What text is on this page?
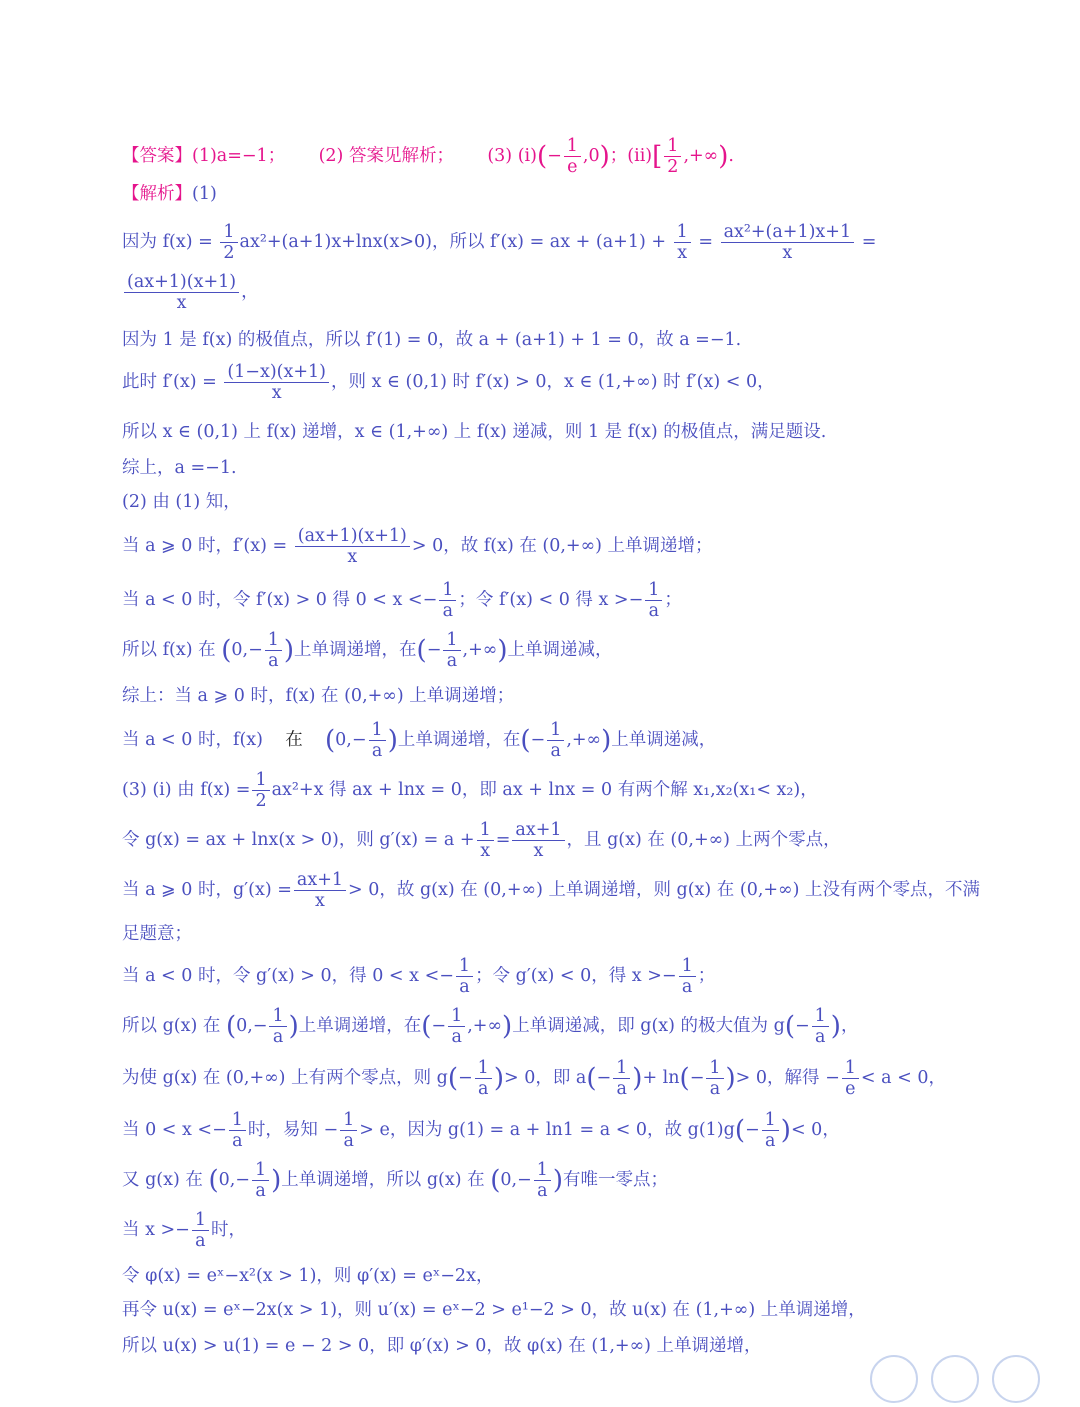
【答案】(1)a=−1； (2) 答案见解析； (3) $(i)(- \frac{1}{e} ,0)$；$(ii)[ \frac{1}{2}$ ,+∞).
【解析】(1)
因为 $f(x) = \frac{1}{2} ax^2+(a+1)x+\ln x(x>0)$，所以 f′(x) = ax + $(a+1) + \frac{1}{x} = \frac{\text{ax²+(a+1)x+1}}{x}$ =
$\frac{(ax+1)(x+1)}{x}$ ，
因为 1 是 f(x) 的极值点，所以 f′(1) = 0，故 a + (a+1) + 1 = 0，故 a =−1.
此时 $f'(x) = \frac{(1-x)(x+1)}{x}$ ，则 x ∈ (0,1) 时 f′(x) > 0，x ∈ (1,+∞) 时 f′(x) < 0，
所以 x ∈ (0,1) 上 f(x) 递增，x ∈ (1,+∞) 上 f(x) 递减，则 1 是 f(x) 的极值点，满足题设.
综上，a =−1.
(2) 由 (1) 知，
当 a ⩾ 0 时，$f'(x) = \frac{(ax+1)(x+1)}{x} > 0$，故 f(x) 在 (0,+∞) 上单调递增；
当 a < 0 时，令 f′(x) > 0 得 $0 < x <- \frac{1}{a}$ ；令 f′(x) < 0 得 $x >- \frac{1}{a}$ ；
所以 f(x) 在 ($0,- \frac{1}{a}$ )上单调递增，在(− $\frac{1}{a}$ ,+∞)上单调递减，
综上：当 a ⩾ 0 时，f(x) 在 (0,+∞) 上单调递增；
当 a < 0 时，f(x) 在 ($0,- \frac{1}{a}$ )上单调递增，在(− $\frac{1}{a}$ ,+∞)上单调递减，
(3) (i) 由 $f(x) = \frac{1}{2} ax^2+x$ 得 ax + lnx = 0，即 ax + lnx = 0 有两个解 x₁,x₂(x₁< x₂)，
令 g(x) = ax + lnx(x > 0)，则 $g'(x) = a + \frac{1}{x} = \frac{ax+1}{x}$ ，且 g(x) 在 (0,+∞) 上两个零点，
当 a ⩾ 0 时，$g'(x) = \frac{ax+1}{x} > 0$，故 g(x) 在 (0,+∞) 上单调递增，则 g(x) 在 (0,+∞) 上没有两个零点，不满
足题意；
当 a < 0 时，令 g′(x) > 0，得 $0 < x <- \frac{1}{a}$ ；令 g′(x) < 0，得 $x >- \frac{1}{a}$ ；
所以 g(x) 在 ($0,- \frac{1}{a}$ )上单调递增，在(− $\frac{1}{a}$ ,+∞)上单调递减，即 g(x) 的极大值为 $g(- \frac{1}{a}$ )，
为使 g(x) 在 (0,+∞) 上有两个零点，则 $g(- \frac{1}{a}$ )> 0，即 $a(- \frac{1}{a}$ )+ $\ln(- \frac{1}{a}$ )> 0，解得 − $\frac{1}{e} < a < 0$，
当 $0 < x <- \frac{1}{a}$ 时，易知 − $\frac{1}{a} > e$，因为 g(1) = a + ln1 = a < 0，故 $g(1)g(- \frac{1}{a}$ )< 0，
又 g(x) 在 ($0,- \frac{1}{a}$ )上单调递增，所以 g(x) 在 ($0,- \frac{1}{a}$ )有唯一零点；
当 $x >- \frac{1}{a}$ 时，
令 φ(x) = eˣ−x²(x > 1)，则 φ′(x) = eˣ−2x，
再令 u(x) = eˣ−2x(x > 1)，则 u′(x) = eˣ−2 > e¹−2 > 0，故 u(x) 在 (1,+∞) 上单调递增，
所以 u(x) > u(1) = e − 2 > 0，即 φ′(x) > 0，故 φ(x) 在 (1,+∞) 上单调递增，
